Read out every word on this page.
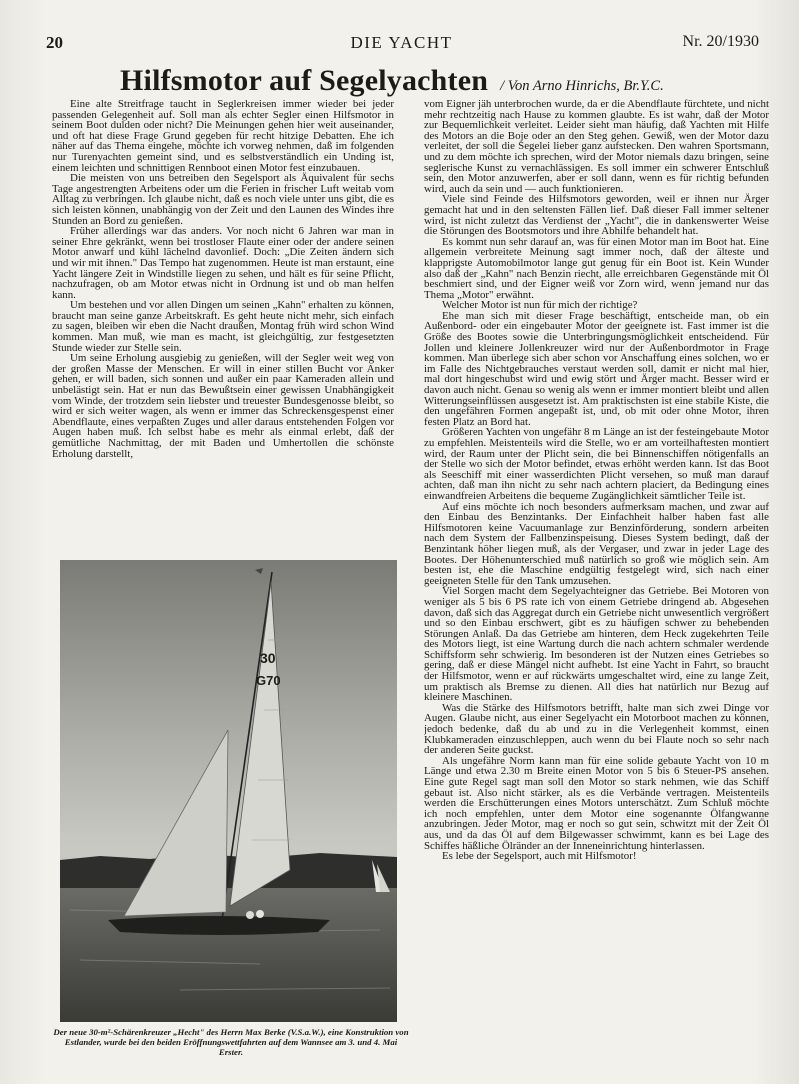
20	DIE YACHT	Nr. 20/1930
Hilfsmotor auf Segelyachten / Von Arno Hinrichs, Br.Y.C.

Eine alte Streitfrage taucht in Seglerkreisen immer wieder bei jeder passenden Gelegenheit auf. Soll man als echter Segler einen Hilfsmotor in seinem Boot dulden oder nicht? Die Meinungen gehen hier weit auseinander, und oft hat diese Frage Grund gegeben für recht hitzige Debatten. Ehe ich näher auf das Thema eingehe, möchte ich vorweg nehmen, daß im folgenden nur Turenyachten gemeint sind, und es selbstverständlich ein Unding ist, einem leichten und schnittigen Rennboot einen Motor fest einzubauen.

Die meisten von uns betreiben den Segelsport als Äquivalent für sechs Tage angestrengten Arbeitens oder um die Ferien in frischer Luft weitab vom Alltag zu verbringen. Ich glaube nicht, daß es noch viele unter uns gibt, die es sich leisten können, unabhängig von der Zeit und den Launen des Windes ihre Stunden an Bord zu genießen.

Früher allerdings war das anders. Vor noch nicht 6 Jahren war man in seiner Ehre gekränkt, wenn bei trostloser Flaute einer oder der andere seinen Motor anwarf und kühl lächelnd davonlief. Doch: „Die Zeiten ändern sich und wir mit ihnen." Das Tempo hat zugenommen. Heute ist man erstaunt, eine Yacht längere Zeit in Windstille liegen zu sehen, und hält es für seine Pflicht, nachzufragen, ob am Motor etwas nicht in Ordnung ist und ob man helfen kann.

Um bestehen und vor allen Dingen um seinen „Kahn" erhalten zu können, braucht man seine ganze Arbeitskraft. Es geht heute nicht mehr, sich einfach zu sagen, bleiben wir eben die Nacht draußen, Montag früh wird schon Wind kommen. Man muß, wie man es macht, ist gleichgültig, zur festgesetzten Stunde wieder zur Stelle sein.

Um seine Erholung ausgiebig zu genießen, will der Segler weit weg von der großen Masse der Menschen. Er will in einer stillen Bucht vor Anker gehen, er will baden, sich sonnen und außer ein paar Kameraden allein und unbelästigt sein. Hat er nun das Bewußtsein einer gewissen Unabhängigkeit vom Winde, der trotzdem sein liebster und treuester Bundesgenosse bleibt, so wird er sich weiter wagen, als wenn er immer das Schreckensgespenst einer Abendflaute, eines verpaßten Zuges und aller daraus entstehenden Folgen vor Augen haben muß. Ich selbst habe es mehr als einmal erlebt, daß der gemütliche Nachmittag, der mit Baden und Umhertollen die schönste Erholung darstellt,

30
G70
Der neue 30-m²-Schärenkreuzer „Hecht" des Herrn Max Berke (V.S.a.W.), eine Konstruktion von Estlander, wurde bei den beiden Eröffnungswettfahrten auf dem Wannsee am 3. und 4. Mai Erster.

vom Eigner jäh unterbrochen wurde, da er die Abendflaute fürchtete, und nicht mehr rechtzeitig nach Hause zu kommen glaubte. Es ist wahr, daß der Motor zur Bequemlichkeit verleitet. Leider sieht man häufig, daß Yachten mit Hilfe des Motors an die Boje oder an den Steg gehen. Gewiß, wen der Motor dazu verleitet, der soll die Segelei lieber ganz aufstecken. Den wahren Sportsmann, und zu dem möchte ich sprechen, wird der Motor niemals dazu bringen, seine seglerische Kunst zu vernachlässigen. Es soll immer ein schwerer Entschluß sein, den Motor anzuwerfen, aber er soll dann, wenn es für richtig befunden wird, auch da sein und — auch funktionieren.

Viele sind Feinde des Hilfsmotors geworden, weil er ihnen nur Ärger gemacht hat und in den seltensten Fällen lief. Daß dieser Fall immer seltener wird, ist nicht zuletzt das Verdienst der „Yacht", die in dankenswerter Weise die Störungen des Bootsmotors und ihre Abhilfe behandelt hat.

Es kommt nun sehr darauf an, was für einen Motor man im Boot hat. Eine allgemein verbreitete Meinung sagt immer noch, daß der älteste und klapprigste Automobilmotor lange gut genug für ein Boot ist. Kein Wunder also daß der „Kahn" nach Benzin riecht, alle erreichbaren Gegenstände mit Öl beschmiert sind, und der Eigner weiß vor Zorn wird, wenn jemand nur das Thema „Motor" erwähnt.

Welcher Motor ist nun für mich der richtige?

Ehe man sich mit dieser Frage beschäftigt, entscheide man, ob ein Außenbord- oder ein eingebauter Motor der geeignete ist. Fast immer ist die Größe des Bootes sowie die Unterbringungsmöglichkeit entscheidend. Für Jollen und kleinere Jollenkreuzer wird nur der Außenbordmotor in Frage kommen. Man überlege sich aber schon vor Anschaffung eines solchen, wo er im Falle des Nichtgebrauches verstaut werden soll, damit er nicht mal hier, mal dort hingeschubst wird und ewig stört und Ärger macht. Besser wird er davon auch nicht. Genau so wenig als wenn er immer montiert bleibt und allen Witterungseinflüssen ausgesetzt ist. Am praktischsten ist eine stabile Kiste, die den ungefähren Formen angepaßt ist, und, ob mit oder ohne Motor, ihren festen Platz an Bord hat.

Größeren Yachten von ungefähr 8 m Länge an ist der festeingebaute Motor zu empfehlen. Meistenteils wird die Stelle, wo er am vorteilhaftesten montiert wird, der Raum unter der Plicht sein, die bei Binnenschiffen nötigenfalls an der Stelle wo sich der Motor befindet, etwas erhöht werden kann. Ist das Boot als Seeschiff mit einer wasserdichten Plicht versehen, so muß man darauf achten, daß man ihn nicht zu sehr nach achtern placiert, da Bedingung eines einwandfreien Arbeitens die bequeme Zugänglichkeit sämtlicher Teile ist.

Auf eins möchte ich noch besonders aufmerksam machen, und zwar auf den Einbau des Benzintanks. Der Einfachheit halber haben fast alle Hilfsmotoren keine Vacuumanlage zur Benzinförderung, sondern arbeiten nach dem System der Fallbenzinspeisung. Dieses System bedingt, daß der Benzintank höher liegen muß, als der Vergaser, und zwar in jeder Lage des Bootes. Der Höhenunterschied muß natürlich so groß wie möglich sein. Am besten ist, ehe die Maschine endgültig festgelegt wird, sich nach einer geeigneten Stelle für den Tank umzusehen.

Viel Sorgen macht dem Segelyachteigner das Getriebe. Bei Motoren von weniger als 5 bis 6 PS rate ich von einem Getriebe dringend ab. Abgesehen davon, daß sich das Aggregat durch ein Getriebe nicht unwesentlich vergrößert und so den Einbau erschwert, gibt es zu häufigen schwer zu behebenden Störungen Anlaß. Da das Getriebe am hinteren, dem Heck zugekehrten Teile des Motors liegt, ist eine Wartung durch die nach achtern schmaler werdende Schiffsform sehr schwierig. Im besonderen ist der Nutzen eines Getriebes so gering, daß er diese Mängel nicht aufhebt. Ist eine Yacht in Fahrt, so braucht der Hilfsmotor, wenn er auf rückwärts umgeschaltet wird, eine zu lange Zeit, um praktisch als Bremse zu dienen. All dies hat natürlich nur Bezug auf kleinere Maschinen.

Was die Stärke des Hilfsmotors betrifft, halte man sich zwei Dinge vor Augen. Glaube nicht, aus einer Segelyacht ein Motorboot machen zu können, jedoch bedenke, daß du ab und zu in die Verlegenheit kommst, einen Klubkameraden einzuschleppen, auch wenn du bei Flaute noch so sehr nach der anderen Seite guckst.

Als ungefähre Norm kann man für eine solide gebaute Yacht von 10 m Länge und etwa 2.30 m Breite einen Motor von 5 bis 6 Steuer-PS ansehen. Eine gute Regel sagt man soll den Motor so stark nehmen, wie das Schiff gebaut ist. Also nicht stärker, als es die Verbände vertragen. Meistenteils werden die Erschütterungen eines Motors unterschätzt. Zum Schluß möchte ich noch empfehlen, unter dem Motor eine sogenannte Ölfangwanne anzubringen. Jeder Motor, mag er noch so gut sein, schwitzt mit der Zeit Öl aus, und da das Öl auf dem Bilgewasser schwimmt, kann es bei Lage des Schiffes häßliche Ölränder an der Inneneinrichtung hinterlassen.

Es lebe der Segelsport, auch mit Hilfsmotor!
